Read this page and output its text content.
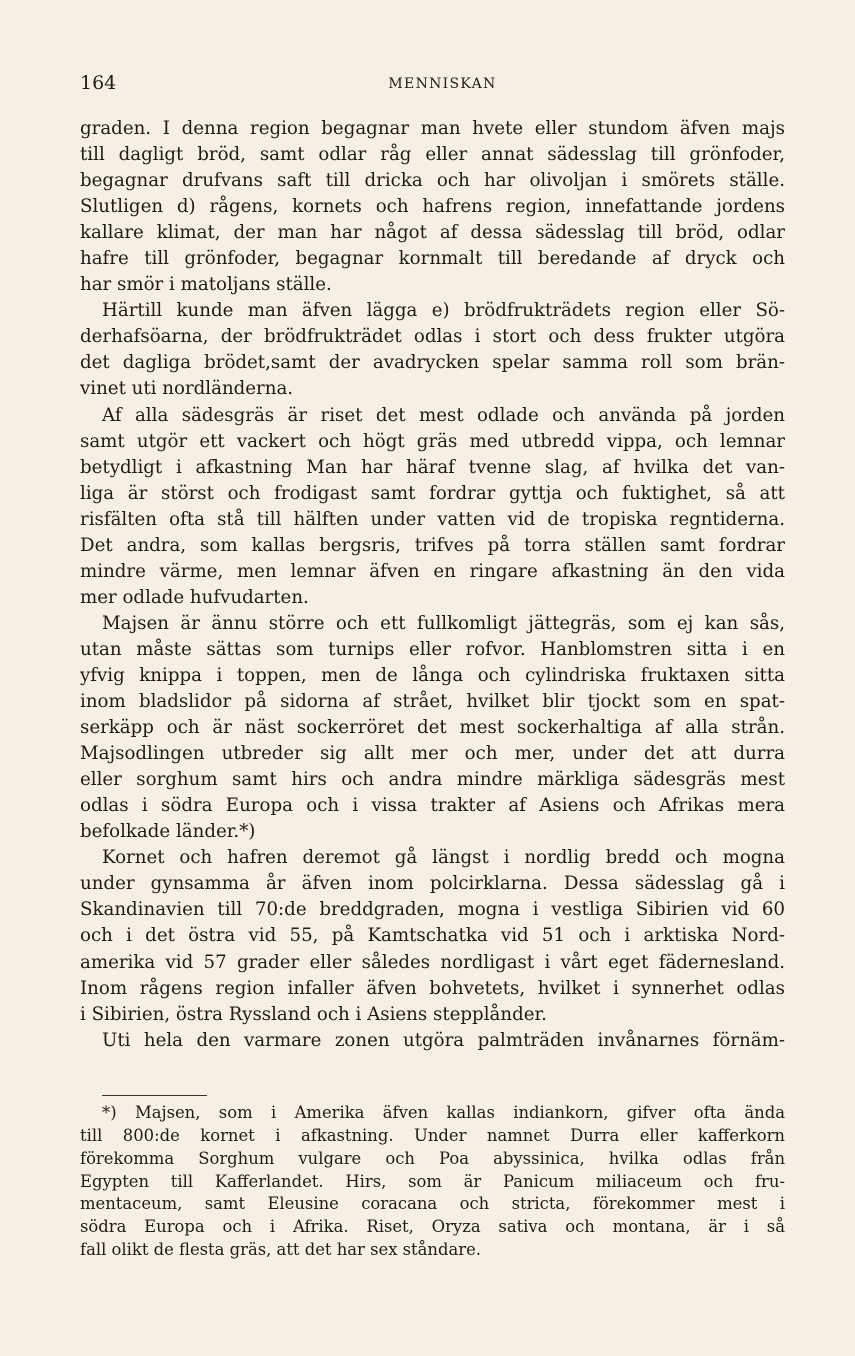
164	MENNISKAN
graden. I denna region begagnar man hvete eller stundom äfven majs
till dagligt bröd, samt odlar råg eller annat sädesslag till grönfoder,
begagnar drufvans saft till dricka och har olivoljan i smörets ställe.
Slutligen d) rågens, kornets och hafrens region, innefattande jordens
kallare klimat, der man har något af dessa sädesslag till bröd, odlar
hafre till grönfoder, begagnar kornmalt till beredande af dryck och
har smör i matoljans ställe.
Härtill kunde man äfven lägga e) brödfrukträdets region eller Sö-
derhafsöarna, der brödfrukträdet odlas i stort och dess frukter utgöra
det dagliga brödet,samt der avadrycken spelar samma roll som brän-
vinet uti nordländerna.
Af alla sädesgräs är riset det mest odlade och använda på jorden
samt utgör ett vackert och högt gräs med utbredd vippa, och lemnar
betydligt i afkastning Man har häraf tvenne slag, af hvilka det van-
liga är störst och frodigast samt fordrar gyttja och fuktighet, så att
risfälten ofta stå till hälften under vatten vid de tropiska regntiderna.
Det andra, som kallas bergsris, trifves på torra ställen samt fordrar
mindre värme, men lemnar äfven en ringare afkastning än den vida
mer odlade hufvudarten.
Majsen är ännu större och ett fullkomligt jättegräs, som ej kan sås,
utan måste sättas som turnips eller rofvor. Hanblomstren sitta i en
yfvig knippa i toppen, men de långa och cylindriska fruktaxen sitta
inom bladslidor på sidorna af strået, hvilket blir tjockt som en spat-
serkäpp och är näst sockerröret det mest sockerhaltiga af alla strån.
Majsodlingen utbreder sig allt mer och mer, under det att durra
eller sorghum samt hirs och andra mindre märkliga sädesgräs mest
odlas i södra Europa och i vissa trakter af Asiens och Afrikas mera
befolkade länder.*)
Kornet och hafren deremot gå längst i nordlig bredd och mogna
under gynsamma år äfven inom polcirklarna. Dessa sädesslag gå i
Skandinavien till 70:de breddgraden, mogna i vestliga Sibirien vid 60
och i det östra vid 55, på Kamtschatka vid 51 och i arktiska Nord-
amerika vid 57 grader eller således nordligast i vårt eget fädernesland.
Inom rågens region infaller äfven bohvetets, hvilket i synnerhet odlas
i Sibirien, östra Ryssland och i Asiens stepplånder.
Uti hela den varmare zonen utgöra palmträden invånarnes förnäm-
*) Majsen, som i Amerika äfven kallas indiankorn, gifver ofta ända
till 800:de kornet i afkastning. Under namnet Durra eller kafferkorn
förekomma Sorghum vulgare och Poa abyssinica, hvilka odlas från
Egypten till Kafferlandet. Hirs, som är Panicum miliaceum och fru-
mentaceum, samt Eleusine coracana och stricta, förekommer mest i
södra Europa och i Afrika. Riset, Oryza sativa och montana, är i så
fall olikt de flesta gräs, att det har sex ståndare.
